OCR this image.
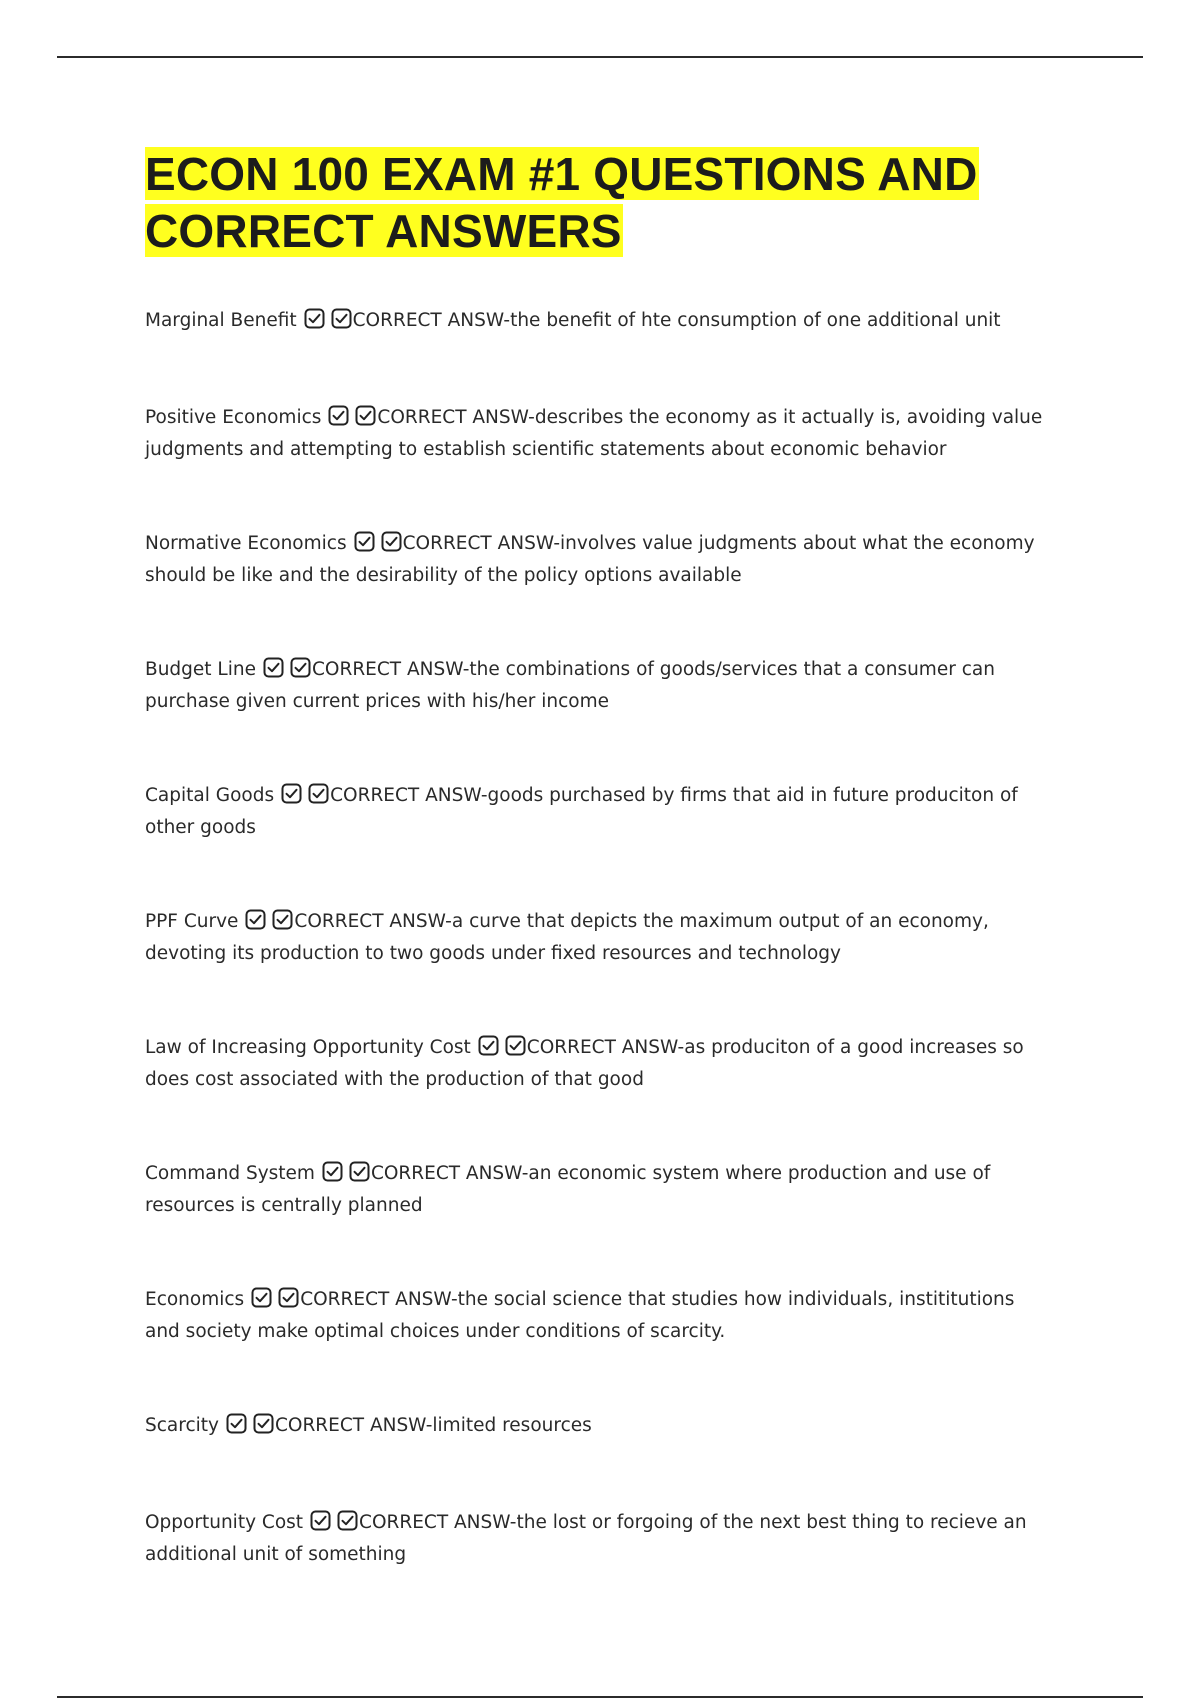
ECON 100 EXAM #1 QUESTIONS AND
CORRECT ANSWERS

Marginal Benefit	CORRECT ANSW-the benefit of hte consumption of one additional unit

Positive Economics	CORRECT ANSW-describes the economy as it actually is, avoiding value judgments and attempting to establish scientific statements about economic behavior

Normative Economics	CORRECT ANSW-involves value judgments about what the economy should be like and the desirability of the policy options available

Budget Line	CORRECT ANSW-the combinations of goods/services that a consumer can purchase given current prices with his/her income

Capital Goods	CORRECT ANSW-goods purchased by firms that aid in future produciton of other goods

PPF Curve	CORRECT ANSW-a curve that depicts the maximum output of an economy, devoting its production to two goods under fixed resources and technology

Law of Increasing Opportunity Cost	CORRECT ANSW-as produciton of a good increases so does cost associated with the production of that good

Command System	CORRECT ANSW-an economic system where production and use of resources is centrally planned

Economics	CORRECT ANSW-the social science that studies how individuals, instititutions and society make optimal choices under conditions of scarcity.

Scarcity	CORRECT ANSW-limited resources

Opportunity Cost	CORRECT ANSW-the lost or forgoing of the next best thing to recieve an additional unit of something
